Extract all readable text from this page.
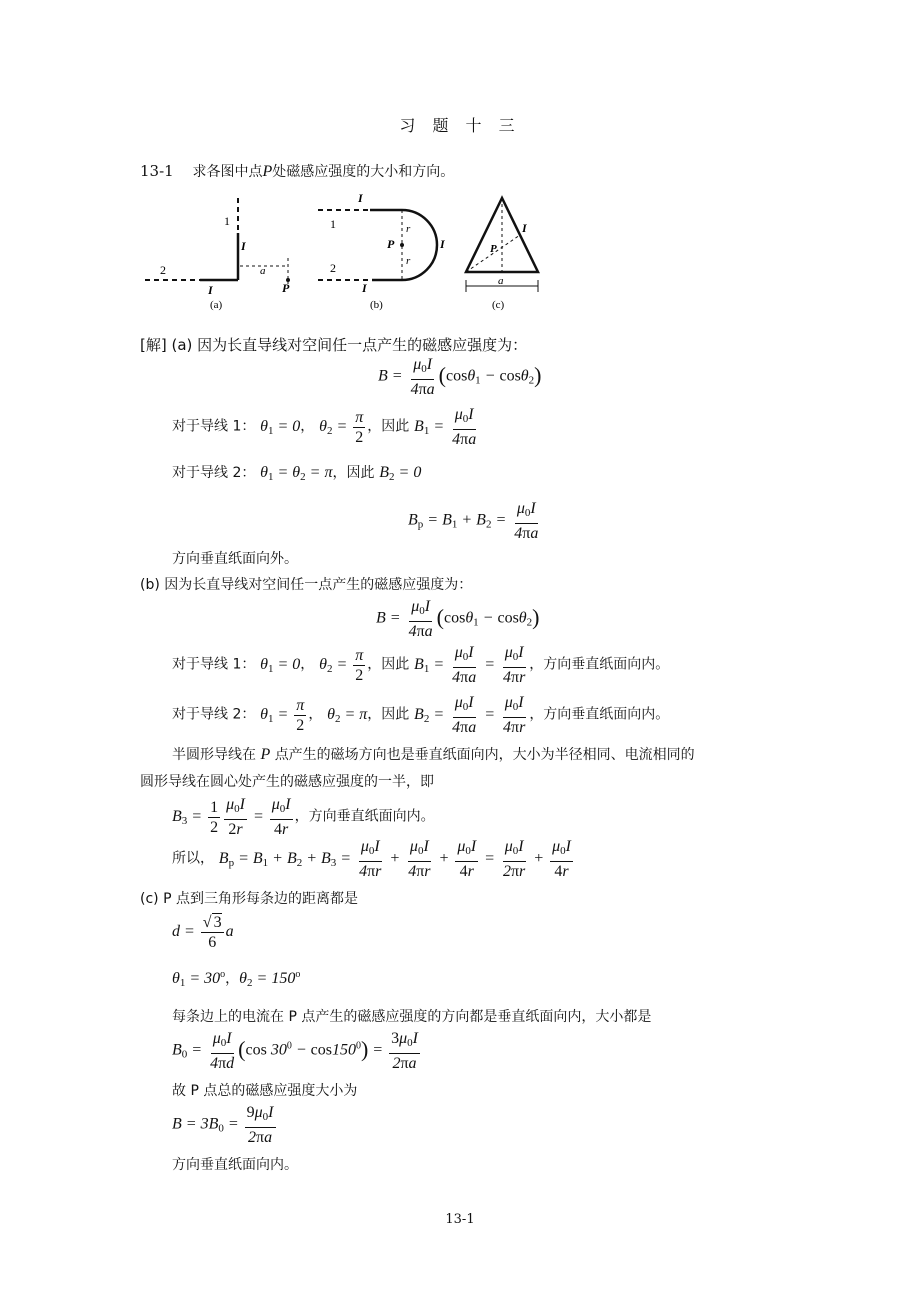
习 题 十 三
13-1 求各图中点P处磁感应强度的大小和方向。
1
I
2
I
a
P
(a)
I
1
2
r
r
P	I
I
(b)
I
P
a
(c)
[解] (a) 因为长直导线对空间任一点产生的磁感应强度为：
$B = \frac{\mu_0I}{4\pi a} (\cos\theta_1 - \cos\theta_2)$
对于导线 1： $\theta_1 = 0$， $\theta_2 = \frac{\pi}{2}$ ，因此 $B_1 = \frac{\mu_0I}{4\pi a}$
对于导线 2： $\theta_1 = \theta_2 = \pi$，因此 $B_2 = 0$
$B_p = B_1 + B_2 = \frac{\mu_0I}{4\pi a}$
方向垂直纸面向外。
(b) 因为长直导线对空间任一点产生的磁感应强度为：
$B = \frac{\mu_0I}{4\pi a} (\cos\theta_1 - \cos\theta_2)$
对于导线 1： $\theta_1 = 0$， $\theta_2 = \frac{\pi}{2}$ ，因此 $B_1 = \frac{\mu_0I}{4\pi a} = \frac{\mu_0I}{4\pi r}$ ，方向垂直纸面向内。
对于导线 2： $\theta_1 = \frac{\pi}{2}$ ， $\theta_2 = \pi$，因此 $B_2 = \frac{\mu_0I}{4\pi a} = \frac{\mu_0I}{4\pi r}$ ，方向垂直纸面向内。
半圆形导线在 P 点产生的磁场方向也是垂直纸面向内，大小为半径相同、电流相同的
圆形导线在圆心处产生的磁感应强度的一半，即
$B_3 = \frac{1}{2} \frac{\mu_0I}{2r} = \frac{\mu_0I}{4r}$ ，方向垂直纸面向内。
所以， $B_p = B_1 + B_2 + B_3 = \frac{\mu_0I}{4\pi r} + \frac{\mu_0I}{4\pi r} + \frac{\mu_0I}{4r} = \frac{\mu_0I}{2\pi r} + \frac{\mu_0I}{4r}$
(c) P 点到三角形每条边的距离都是
$d = \frac{√ 3}{6}$ a
$\theta_1 = 30^o$，$\theta_2 = 150^o$
每条边上的电流在 P 点产生的磁感应强度的方向都是垂直纸面向内，大小都是
$B_0 = \frac{\mu_0I}{4\pi d} (\cos$ $30^0 - \cos 150^0) = \frac{3\mu_0I}{2\pi a}$
故 P 点总的磁感应强度大小为
$B = 3B_0 = \frac{9\mu_0I}{2\pi a}$
方向垂直纸面向内。
13-1
